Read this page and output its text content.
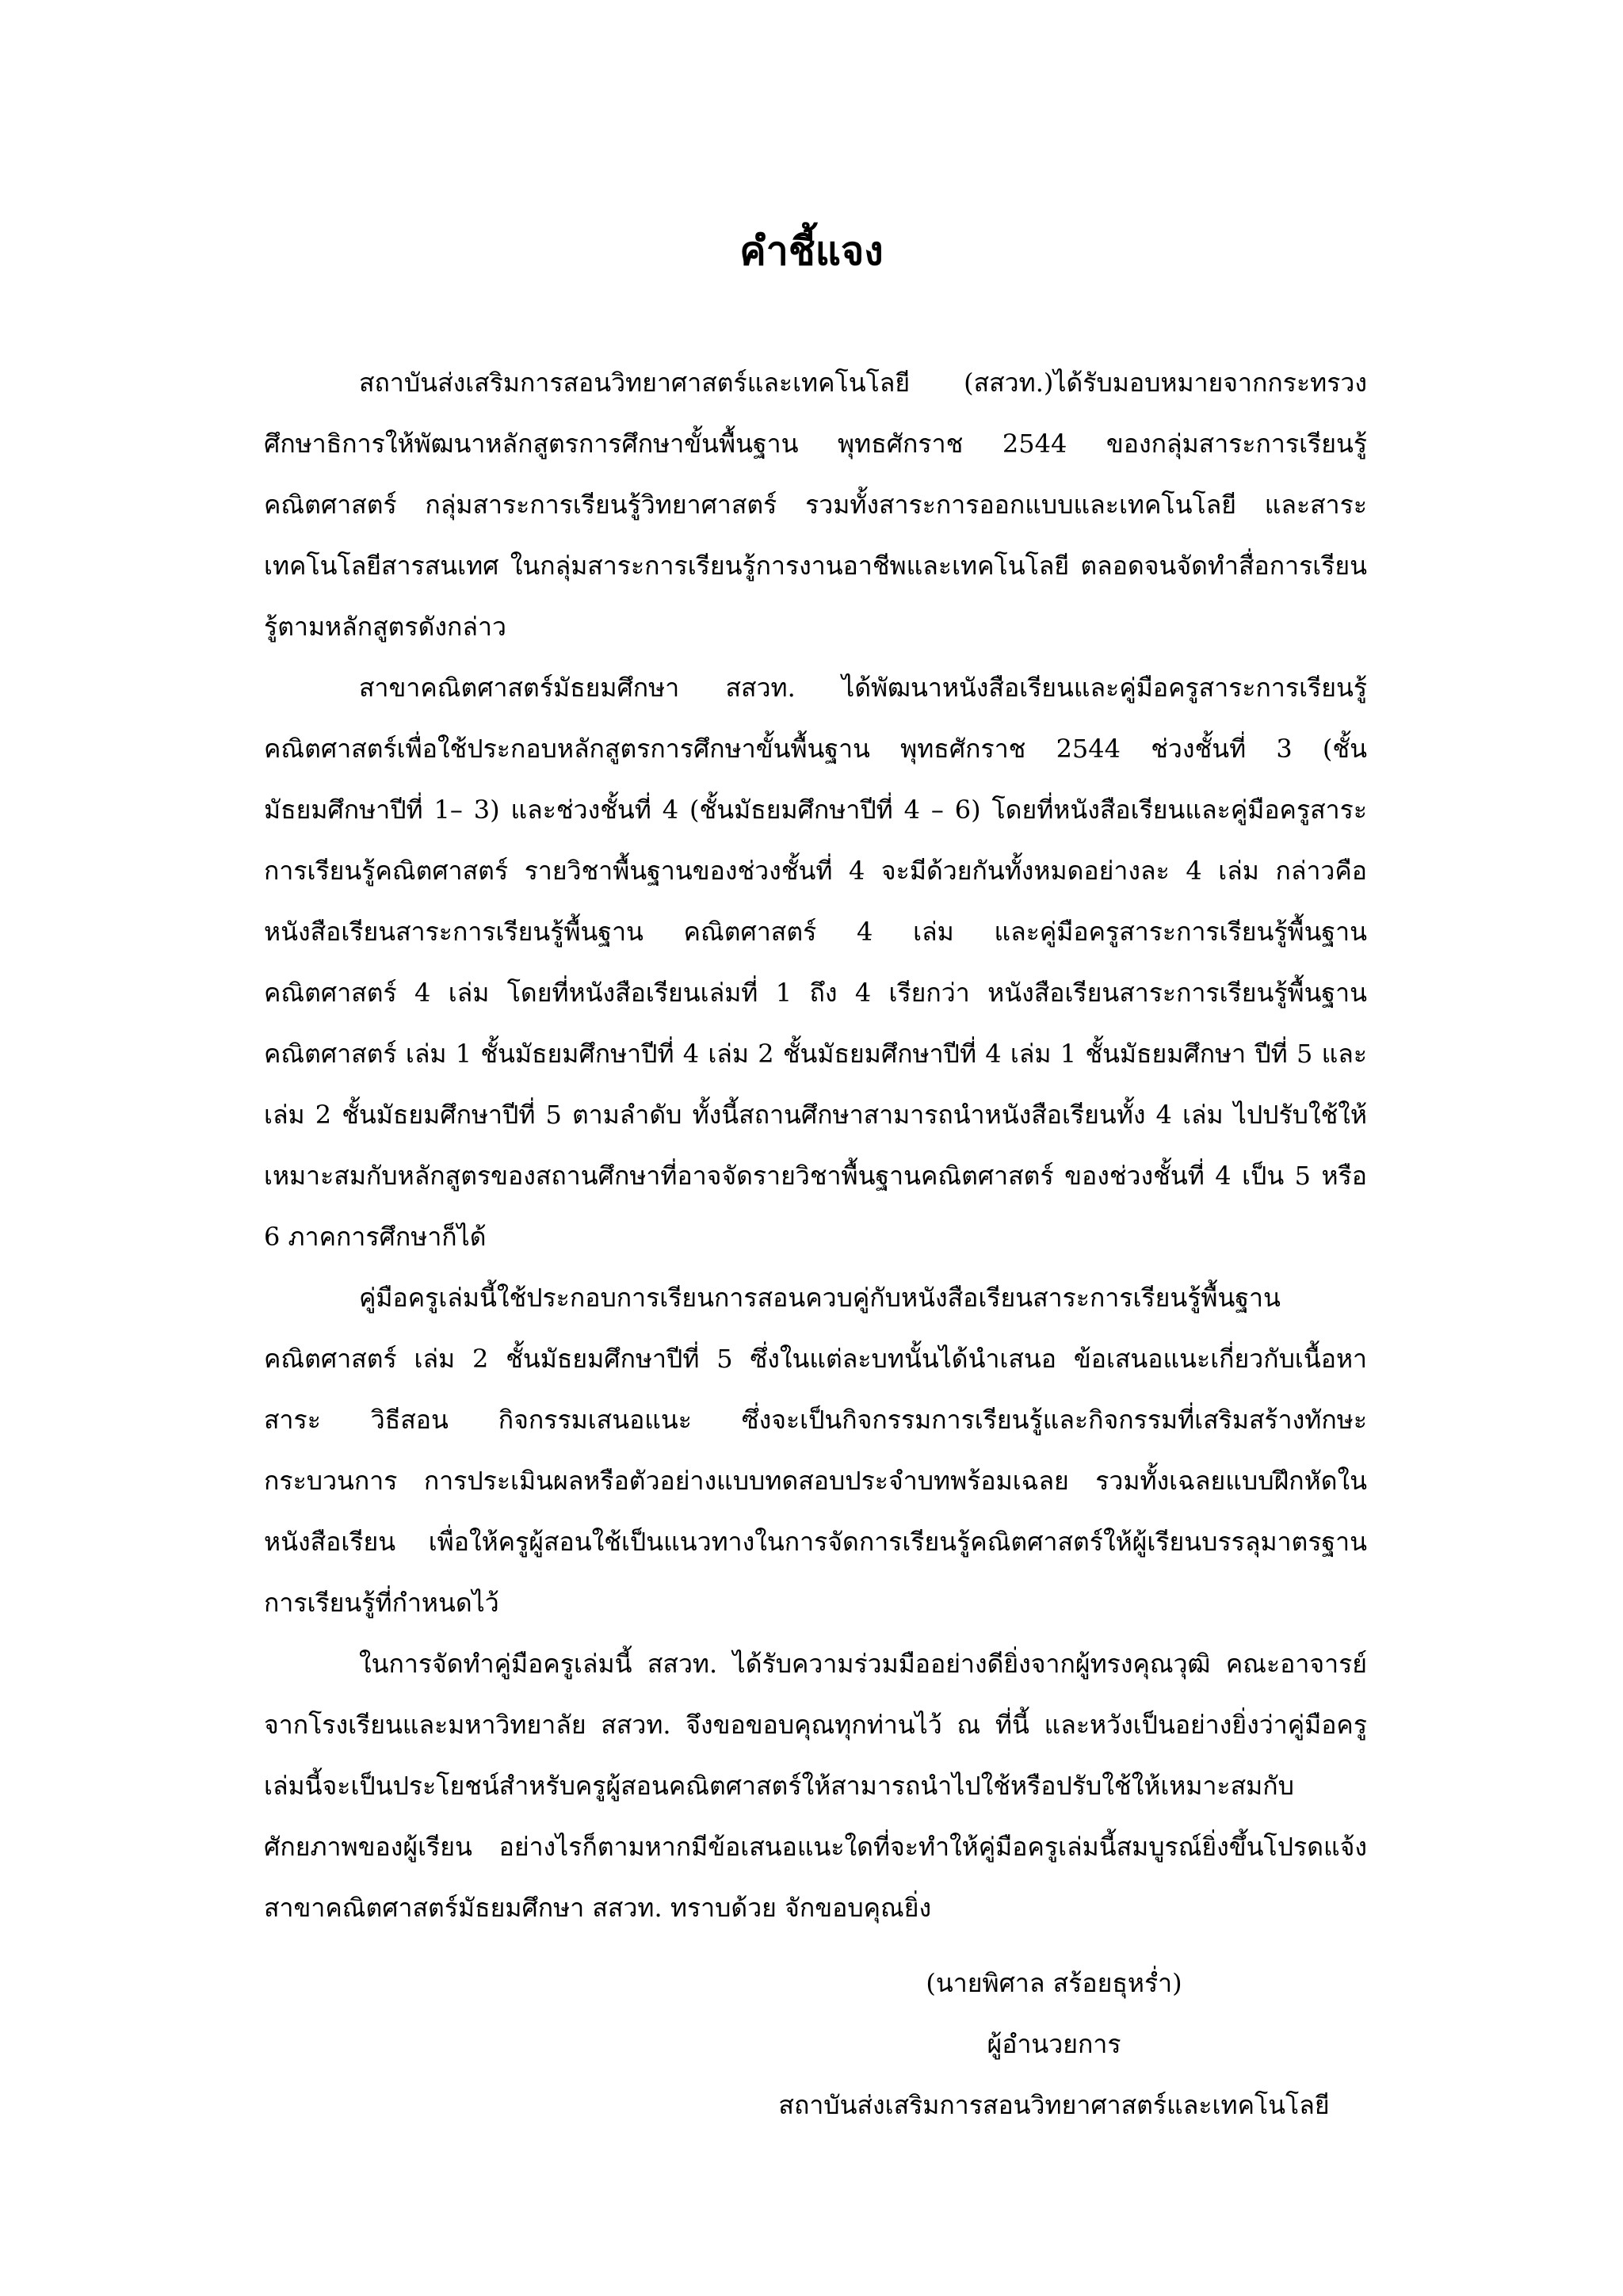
คำชี้แจง

สถาบันส่งเสริมการสอนวิทยาศาสตร์และเทคโนโลยี (สสวท.)ได้รับมอบหมายจากกระทรวงศึกษาธิการให้พัฒนาหลักสูตรการศึกษาขั้นพื้นฐาน พุทธศักราช 2544 ของกลุ่มสาระการเรียนรู้คณิตศาสตร์ กลุ่มสาระการเรียนรู้วิทยาศาสตร์ รวมทั้งสาระการออกแบบและเทคโนโลยี และสาระเทคโนโลยีสารสนเทศ ในกลุ่มสาระการเรียนรู้การงานอาชีพและเทคโนโลยี ตลอดจนจัดทำสื่อการเรียนรู้ตามหลักสูตรดังกล่าว

สาขาคณิตศาสตร์มัธยมศึกษา สสวท. ได้พัฒนาหนังสือเรียนและคู่มือครูสาระการเรียนรู้คณิตศาสตร์เพื่อใช้ประกอบหลักสูตรการศึกษาขั้นพื้นฐาน พุทธศักราช 2544 ช่วงชั้นที่ 3 (ชั้นมัธยมศึกษาปีที่ 1– 3) และช่วงชั้นที่ 4 (ชั้นมัธยมศึกษาปีที่ 4 – 6) โดยที่หนังสือเรียนและคู่มือครูสาระการเรียนรู้คณิตศาสตร์ รายวิชาพื้นฐานของช่วงชั้นที่ 4 จะมีด้วยกันทั้งหมดอย่างละ 4 เล่ม กล่าวคือ หนังสือเรียนสาระการเรียนรู้พื้นฐาน คณิตศาสตร์ 4 เล่ม และคู่มือครูสาระการเรียนรู้พื้นฐาน คณิตศาสตร์ 4 เล่ม โดยที่หนังสือเรียนเล่มที่ 1 ถึง 4 เรียกว่า หนังสือเรียนสาระการเรียนรู้พื้นฐาน คณิตศาสตร์ เล่ม 1 ชั้นมัธยมศึกษาปีที่ 4 เล่ม 2 ชั้นมัธยมศึกษาปีที่ 4 เล่ม 1 ชั้นมัธยมศึกษา ปีที่ 5 และเล่ม 2 ชั้นมัธยมศึกษาปีที่ 5 ตามลำดับ ทั้งนี้สถานศึกษาสามารถนำหนังสือเรียนทั้ง 4 เล่ม ไปปรับใช้ให้เหมาะสมกับหลักสูตรของสถานศึกษาที่อาจจัดรายวิชาพื้นฐานคณิตศาสตร์ ของช่วงชั้นที่ 4 เป็น 5 หรือ 6 ภาคการศึกษาก็ได้

คู่มือครูเล่มนี้ใช้ประกอบการเรียนการสอนควบคู่กับหนังสือเรียนสาระการเรียนรู้พื้นฐาน คณิตศาสตร์ เล่ม 2 ชั้นมัธยมศึกษาปีที่ 5 ซึ่งในแต่ละบทนั้นได้นำเสนอ ข้อเสนอแนะเกี่ยวกับเนื้อหาสาระ วิธีสอน กิจกรรมเสนอแนะ ซึ่งจะเป็นกิจกรรมการเรียนรู้และกิจกรรมที่เสริมสร้างทักษะกระบวนการ การประเมินผลหรือตัวอย่างแบบทดสอบประจำบทพร้อมเฉลย รวมทั้งเฉลยแบบฝึกหัดในหนังสือเรียน เพื่อให้ครูผู้สอนใช้เป็นแนวทางในการจัดการเรียนรู้คณิตศาสตร์ให้ผู้เรียนบรรลุมาตรฐานการเรียนรู้ที่กำหนดไว้

ในการจัดทำคู่มือครูเล่มนี้ สสวท. ได้รับความร่วมมืออย่างดียิ่งจากผู้ทรงคุณวุฒิ คณะอาจารย์จากโรงเรียนและมหาวิทยาลัย สสวท. จึงขอขอบคุณทุกท่านไว้ ณ ที่นี้ และหวังเป็นอย่างยิ่งว่าคู่มือครูเล่มนี้จะเป็นประโยชน์สำหรับครูผู้สอนคณิตศาสตร์ให้สามารถนำไปใช้หรือปรับใช้ให้เหมาะสมกับศักยภาพของผู้เรียน อย่างไรก็ตามหากมีข้อเสนอแนะใดที่จะทำให้คู่มือครูเล่มนี้สมบูรณ์ยิ่งขึ้นโปรดแจ้ง สาขาคณิตศาสตร์มัธยมศึกษา สสวท. ทราบด้วย จักขอบคุณยิ่ง

(นายพิศาล สร้อยธุหร่ำ)

ผู้อำนวยการ

สถาบันส่งเสริมการสอนวิทยาศาสตร์และเทคโนโลยี
